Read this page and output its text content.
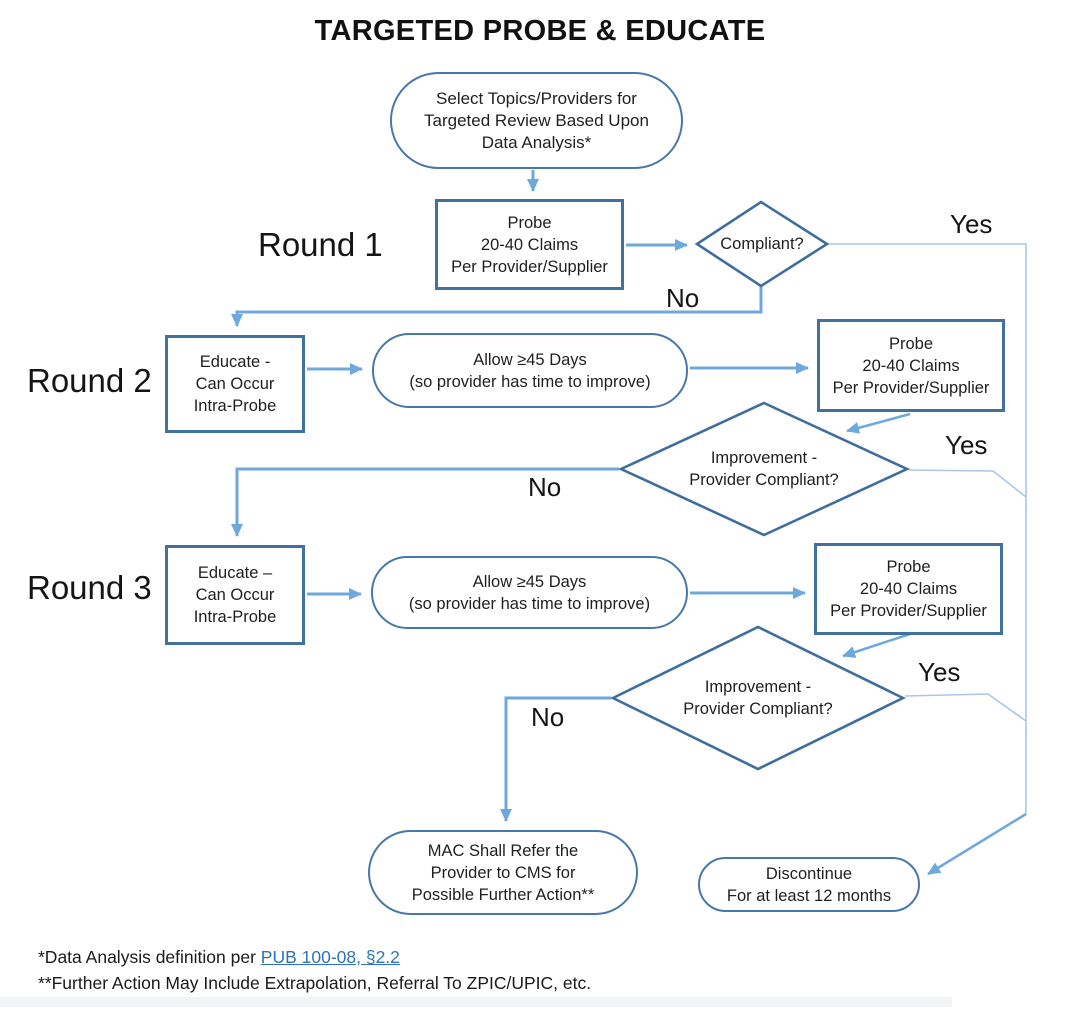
TARGETED PROBE & EDUCATE
Select Topics/Providers for
Targeted Review Based Upon
Data Analysis*
Round 1
Round 2
Round 3
Probe
20-40 Claims
Per Provider/Supplier
Compliant?
Yes
No
Educate -
Can Occur
Intra-Probe
Allow ≥45 Days
(so provider has time to improve)
Probe
20-40 Claims
Per Provider/Supplier
Improvement -
Provider Compliant?
Yes
No
Educate –
Can Occur
Intra-Probe
Allow ≥45 Days
(so provider has time to improve)
Probe
20-40 Claims
Per Provider/Supplier
Improvement -
Provider Compliant?
Yes
No
MAC Shall Refer the
Provider to CMS for
Possible Further Action**
Discontinue
For at least 12 months
*Data Analysis definition per PUB 100-08, §2.2
**Further Action May Include Extrapolation, Referral To ZPIC/UPIC, etc.
